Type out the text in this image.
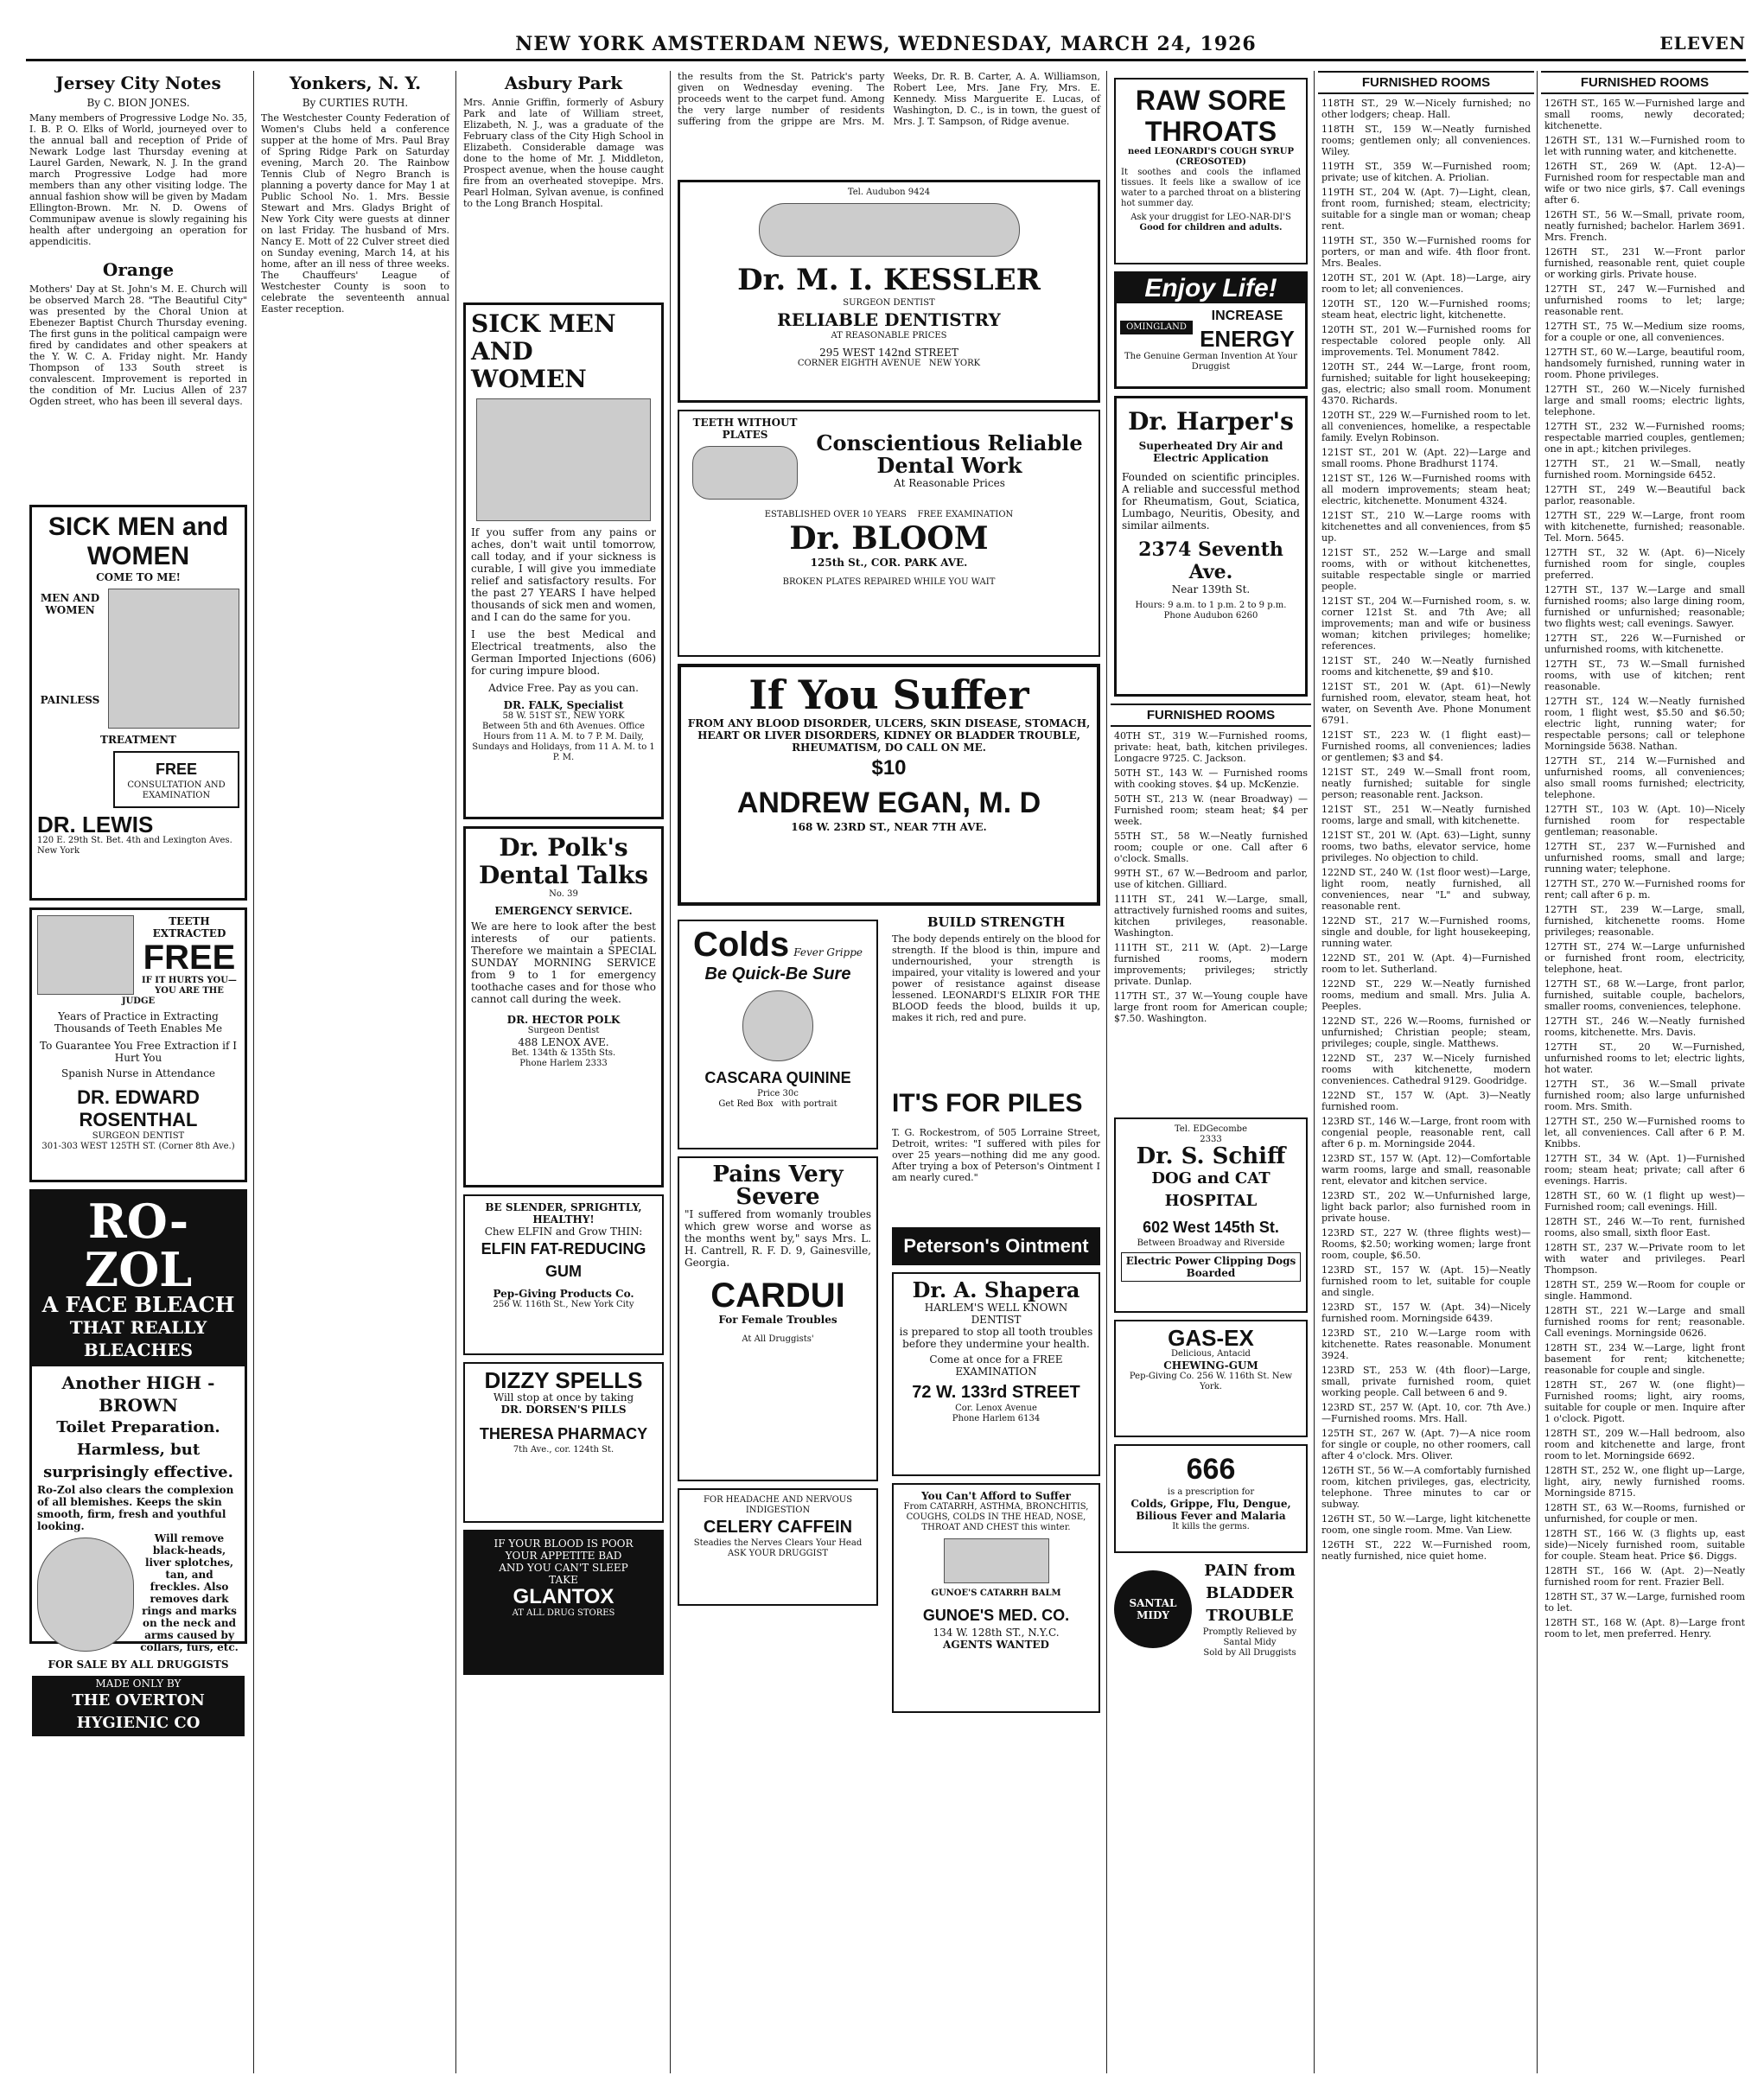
NEW YORK AMSTERDAM NEWS, WEDNESDAY, MARCH 24, 1926	ELEVEN
Jersey City Notes
By C. BION JONES.

Many members of Progressive Lodge No. 35, I. B. P. O. Elks of World, journeyed over to the annual ball and reception of Pride of Newark Lodge last Thursday evening at Laurel Garden, Newark, N. J. In the grand march Progressive Lodge had more members than any other visiting lodge. The annual fashion show will be given by Madam Ellington-Brown. Mr. N. D. Owens of Communipaw avenue is slowly regaining his health after undergoing an operation for appendicitis.

Orange

Mothers' Day at St. John's M. E. Church will be observed March 28. "The Beautiful City" was presented by the Choral Union at Ebenezer Baptist Church Thursday evening. The first guns in the political campaign were fired by candidates and other speakers at the Y. W. C. A. Friday night. Mr. Handy Thompson of 133 South street is convalescent. Improvement is reported in the condition of Mr. Lucius Allen of 237 Ogden street, who has been ill several days.

SICK MEN and WOMEN
COME TO ME!
MEN AND WOMEN
PAINLESS TREATMENT
FREE
CONSULTATION AND EXAMINATION
DR. LEWIS
120 E. 29th St. Bet. 4th and Lexington Aves. New York
TEETH EXTRACTED
FREE
IF IT HURTS YOU— YOU ARE THE JUDGE
Years of Practice in Extracting Thousands of Teeth Enables Me
To Guarantee You Free Extraction if I Hurt You
Spanish Nurse in Attendance
DR. EDWARD ROSENTHAL
SURGEON DENTIST
301-303 WEST 125TH ST. (Corner 8th Ave.)
RO-ZOL
A FACE BLEACH
THAT REALLY BLEACHES
Another HIGH - BROWN
Toilet Preparation.
Harmless, but surprisingly effective.
Ro-Zol also clears the complexion of all blemishes. Keeps the skin smooth, firm, fresh and youthful looking.
Will remove black-heads, liver splotches, tan, and freckles. Also removes dark rings and marks on the neck and arms caused by collars, furs, etc.
FOR SALE BY ALL DRUGGISTS
MADE ONLY BY
THE OVERTON HYGIENIC CO
Yonkers, N. Y.
By CURTIES RUTH.

The Westchester County Federation of Women's Clubs held a conference supper at the home of Mrs. Paul Bray of Spring Ridge Park on Saturday evening, March 20. The Rainbow Tennis Club of Negro Branch is planning a poverty dance for May 1 at Public School No. 1. Mrs. Bessie Stewart and Mrs. Gladys Bright of New York City were guests at dinner on last Friday. The husband of Mrs. Nancy E. Mott of 22 Culver street died on Sunday evening, March 14, at his home, after an ill ness of three weeks. The Chauffeurs' League of Westchester County is soon to celebrate the seventeenth annual Easter reception.

Asbury Park

Mrs. Annie Griffin, formerly of Asbury Park and late of William street, Elizabeth, N. J., was a graduate of the February class of the City High School in Elizabeth. Considerable damage was done to the home of Mr. J. Middleton, Prospect avenue, when the house caught fire from an overheated stovepipe. Mrs. Pearl Holman, Sylvan avenue, is confined to the Long Branch Hospital.

SICK MEN AND WOMEN
If you suffer from any pains or aches, don't wait until tomorrow, call today, and if your sickness is curable, I will give you immediate relief and satisfactory results. For the past 27 YEARS I have helped thousands of sick men and women, and I can do the same for you.
I use the best Medical and Electrical treatments, also the German Imported Injections (606) for curing impure blood.
Advice Free. Pay as you can.
DR. FALK, Specialist
58 W. 51ST ST., NEW YORK
Between 5th and 6th Avenues. Office Hours from 11 A. M. to 7 P. M. Daily, Sundays and Holidays, from 11 A. M. to 1 P. M.
Dr. Polk's Dental Talks
No. 39
EMERGENCY SERVICE.
We are here to look after the best interests of our patients. Therefore we maintain a SPECIAL SUNDAY MORNING SERVICE from 9 to 1 for emergency toothache cases and for those who cannot call during the week.
DR. HECTOR POLK
Surgeon Dentist
488 LENOX AVE.
Bet. 134th & 135th Sts.
Phone Harlem 2333
BE SLENDER, SPRIGHTLY, HEALTHY!
Chew ELFIN and Grow THIN:
ELFIN FAT-REDUCING GUM
Pep-Giving Products Co.
256 W. 116th St., New York City
DIZZY SPELLS
Will stop at once by taking
DR. DORSEN'S PILLS
THERESA PHARMACY
7th Ave., cor. 124th St.
IF YOUR BLOOD IS POOR
YOUR APPETITE BAD
AND YOU CAN'T SLEEP
TAKE
GLANTOX
AT ALL DRUG STORES

the results from the St. Patrick's party given on Wednesday evening. The proceeds went to the carpet fund. Among the very large number of residents suffering from the grippe are Mrs. M. Weeks, Dr. R. B. Carter, A. A. Williamson, Robert Lee, Mrs. Jane Fry, Mrs. E. Kennedy. Miss Marguerite E. Lucas, of Washington, D. C., is in town, the guest of Mrs. J. T. Sampson, of Ridge avenue.

Tel. Audubon 9424
Dr. M. I. KESSLER
SURGEON DENTIST
RELIABLE DENTISTRY
AT REASONABLE PRICES
295 WEST 142nd STREET
CORNER EIGHTH AVENUE NEW YORK
TEETH WITHOUT PLATES	Conscientious Reliable Dental Work
At Reasonable Prices
ESTABLISHED OVER 10 YEARS FREE EXAMINATION
Dr. BLOOM
125th St., COR. PARK AVE.
BROKEN PLATES REPAIRED WHILE YOU WAIT
If You Suffer
FROM ANY BLOOD DISORDER, ULCERS, SKIN DISEASE, STOMACH, HEART OR LIVER DISORDERS, KIDNEY OR BLADDER TROUBLE, RHEUMATISM, DO CALL ON ME.
$10
ANDREW EGAN, M. D
168 W. 23RD ST., NEAR 7TH AVE.
Colds Fever Grippe
Be Quick-Be Sure
CASCARA QUININE
Price 30c
Get Red Box with portrait
Pains Very Severe
"I suffered from womanly troubles which grew worse and worse as the months went by," says Mrs. L. H. Cantrell, R. F. D. 9, Gainesville, Georgia.
CARDUI
For Female Troubles
At All Druggists'
FOR HEADACHE AND NERVOUS INDIGESTION
CELERY CAFFEIN
Steadies the Nerves Clears Your Head
ASK YOUR DRUGGIST
BUILD STRENGTH

The body depends entirely on the blood for strength. If the blood is thin, impure and undernourished, your strength is impaired, your vitality is lowered and your power of resistance against disease lessened. LEONARDI'S ELIXIR FOR THE BLOOD feeds the blood, builds it up, makes it rich, red and pure.

IT'S FOR PILES

T. G. Rockestrom, of 505 Lorraine Street, Detroit, writes: "I suffered with piles for over 25 years—nothing did me any good. After trying a box of Peterson's Ointment I am nearly cured."

Peterson's Ointment
Dr. A. Shapera
HARLEM'S WELL KNOWN DENTIST
is prepared to stop all tooth troubles before they undermine your health.
Come at once for a FREE EXAMINATION
72 W. 133rd STREET
Cor. Lenox Avenue
Phone Harlem 6134
You Can't Afford to Suffer
From CATARRH, ASTHMA, BRONCHITIS, COUGHS, COLDS IN THE HEAD, NOSE, THROAT AND CHEST this winter.
GUNOE'S CATARRH BALM
GUNOE'S MED. CO.
134 W. 128th ST., N.Y.C.
AGENTS WANTED
RAW SORE THROATS
need LEONARDI'S COUGH SYRUP (CREOSOTED)
It soothes and cools the inflamed tissues. It feels like a swallow of ice water to a parched throat on a blistering hot summer day.
Ask your druggist for LEO-NAR-DI'S
Good for children and adults.
Enjoy Life!
OMINGLAND
INCREASE
ENERGY
The Genuine German Invention At Your Druggist
Dr. Harper's
Superheated Dry Air and Electric Application
Founded on scientific principles. A reliable and successful method for Rheumatism, Gout, Sciatica, Lumbago, Neuritis, Obesity, and similar ailments.
2374 Seventh Ave.
Near 139th St.
Hours: 9 a.m. to 1 p.m. 2 to 9 p.m.
Phone Audubon 6260
FURNISHED ROOMS
40TH ST., 319 W.—Furnished rooms, private: heat, bath, kitchen privileges. Longacre 9725. C. Jackson.
50TH ST., 143 W. — Furnished rooms with cooking stoves. $4 up. McKenzie.
50TH ST., 213 W. (near Broadway) — Furnished room; steam heat; $4 per week.
55TH ST., 58 W.—Neatly furnished room; couple or one. Call after 6 o'clock. Smalls.
99TH ST., 67 W.—Bedroom and parlor, use of kitchen. Gilliard.
111TH ST., 241 W.—Large, small, attractively furnished rooms and suites, kitchen privileges, reasonable. Washington.
111TH ST., 211 W. (Apt. 2)—Large furnished rooms, modern improvements; privileges; strictly private. Dunlap.
117TH ST., 37 W.—Young couple have large front room for American couple; $7.50. Washington.
Tel. EDGecombe
2333
Dr. S. Schiff
DOG and CAT HOSPITAL
602 West 145th St.
Between Broadway and Riverside
Electric Power Clipping Dogs Boarded
GAS-EX
Delicious, Antacid
CHEWING-GUM
Pep-Giving Co. 256 W. 116th St. New York.
666
is a prescription for
Colds, Grippe, Flu, Dengue, Bilious Fever and Malaria
It kills the germs.
SANTAL MIDY
PAIN from BLADDER TROUBLE
Promptly Relieved by Santal Midy
Sold by All Druggists
FURNISHED ROOMS
118TH ST., 29 W.—Nicely furnished; no other lodgers; cheap. Hall.
118TH ST., 159 W.—Neatly furnished rooms; gentlemen only; all conveniences. Wiley.
119TH ST., 359 W.—Furnished room; private; use of kitchen. A. Priolian.
119TH ST., 204 W. (Apt. 7)—Light, clean, front room, furnished; steam, electricity; suitable for a single man or woman; cheap rent.
119TH ST., 350 W.—Furnished rooms for porters, or man and wife. 4th floor front. Mrs. Beales.
120TH ST., 201 W. (Apt. 18)—Large, airy room to let; all conveniences.
120TH ST., 120 W.—Furnished rooms; steam heat, electric light, kitchenette.
120TH ST., 201 W.—Furnished rooms for respectable colored people only. All improvements. Tel. Monument 7842.
120TH ST., 244 W.—Large, front room, furnished; suitable for light housekeeping; gas, electric; also small room. Monument 4370. Richards.
120TH ST., 229 W.—Furnished room to let. all conveniences, homelike, a respectable family. Evelyn Robinson.
121ST ST., 201 W. (Apt. 22)—Large and small rooms. Phone Bradhurst 1174.
121ST ST., 126 W.—Furnished rooms with all modern improvements; steam heat; electric, kitchenette. Monument 4324.
121ST ST., 210 W.—Large rooms with kitchenettes and all conveniences, from $5 up.
121ST ST., 252 W.—Large and small rooms, with or without kitchenettes, suitable respectable single or married people.
121ST ST., 204 W.—Furnished room, s. w. corner 121st St. and 7th Ave; all improvements; man and wife or business woman; kitchen privileges; homelike; references.
121ST ST., 240 W.—Neatly furnished rooms and kitchenette, $9 and $10.
121ST ST., 201 W. (Apt. 61)—Newly furnished room, elevator, steam heat, hot water, on Seventh Ave. Phone Monument 6791.
121ST ST., 223 W. (1 flight east)—Furnished rooms, all conveniences; ladies or gentlemen; $3 and $4.
121ST ST., 249 W.—Small front room, neatly furnished; suitable for single person; reasonable rent. Jackson.
121ST ST., 251 W.—Neatly furnished rooms, large and small, with kitchenette.
121ST ST., 201 W. (Apt. 63)—Light, sunny rooms, two baths, elevator service, home privileges. No objection to child.
122ND ST., 240 W. (1st floor west)—Large, light room, neatly furnished, all conveniences, near "L" and subway, reasonable rent.
122ND ST., 217 W.—Furnished rooms, single and double, for light housekeeping, running water.
122ND ST., 201 W. (Apt. 4)—Furnished room to let. Sutherland.
122ND ST., 229 W.—Neatly furnished rooms, medium and small. Mrs. Julia A. Peeples.
122ND ST., 226 W.—Rooms, furnished or unfurnished; Christian people; steam, privileges; couple, single. Matthews.
122ND ST., 237 W.—Nicely furnished rooms with kitchenette, modern conveniences. Cathedral 9129. Goodridge.
122ND ST., 157 W. (Apt. 3)—Neatly furnished room.
123RD ST., 146 W.—Large, front room with congenial people, reasonable rent, call after 6 p. m. Morningside 2044.
123RD ST., 157 W. (Apt. 12)—Comfortable warm rooms, large and small, reasonable rent, elevator and kitchen service.
123RD ST., 202 W.—Unfurnished large, light back parlor; also furnished room in private house.
123RD ST., 227 W. (three flights west)—Rooms, $2.50; working women; large front room, couple, $6.50.
123RD ST., 157 W. (Apt. 15)—Neatly furnished room to let, suitable for couple and single.
123RD ST., 157 W. (Apt. 34)—Nicely furnished room. Morningside 6439.
123RD ST., 210 W.—Large room with kitchenette. Rates reasonable. Monument 3924.
123RD ST., 253 W. (4th floor)—Large, small, private furnished room, quiet working people. Call between 6 and 9.
123RD ST., 257 W. (Apt. 10, cor. 7th Ave.)—Furnished rooms. Mrs. Hall.
125TH ST., 267 W. (Apt. 7)—A nice room for single or couple, no other roomers, call after 4 o'clock. Mrs. Oliver.
126TH ST., 56 W.—A comfortably furnished room, kitchen privileges, gas, electricity, telephone. Three minutes to car or subway.
126TH ST., 50 W.—Large, light kitchenette room, one single room. Mme. Van Liew.
126TH ST., 222 W.—Furnished room, neatly furnished, nice quiet home.
FURNISHED ROOMS
126TH ST., 165 W.—Furnished large and small rooms, newly decorated; kitchenette.
126TH ST., 131 W.—Furnished room to let with running water, and kitchenette.
126TH ST., 269 W. (Apt. 12-A)—Furnished room for respectable man and wife or two nice girls, $7. Call evenings after 6.
126TH ST., 56 W.—Small, private room, neatly furnished; bachelor. Harlem 3691. Mrs. French.
126TH ST., 231 W.—Front parlor furnished, reasonable rent, quiet couple or working girls. Private house.
127TH ST., 247 W.—Furnished and unfurnished rooms to let; large; reasonable rent.
127TH ST., 75 W.—Medium size rooms, for a couple or one, all conveniences.
127TH ST., 60 W.—Large, beautiful room, handsomely furnished, running water in room. Phone privileges.
127TH ST., 260 W.—Nicely furnished large and small rooms; electric lights, telephone.
127TH ST., 232 W.—Furnished rooms; respectable married couples, gentlemen; one in apt.; kitchen privileges.
127TH ST., 21 W.—Small, neatly furnished room. Morningside 6452.
127TH ST., 249 W.—Beautiful back parlor, reasonable.
127TH ST., 229 W.—Large, front room with kitchenette, furnished; reasonable. Tel. Morn. 5645.
127TH ST., 32 W. (Apt. 6)—Nicely furnished room for single, couples preferred.
127TH ST., 137 W.—Large and small furnished rooms; also large dining room, furnished or unfurnished; reasonable; two flights west; call evenings. Sawyer.
127TH ST., 226 W.—Furnished or unfurnished rooms, with kitchenette.
127TH ST., 73 W.—Small furnished rooms, with use of kitchen; rent reasonable.
127TH ST., 124 W.—Neatly furnished room, 1 flight west, $5.50 and $6.50; electric light, running water; for respectable persons; call or telephone Morningside 5638. Nathan.
127TH ST., 214 W.—Furnished and unfurnished rooms, all conveniences; also small rooms furnished; electricity, telephone.
127TH ST., 103 W. (Apt. 10)—Nicely furnished room for respectable gentleman; reasonable.
127TH ST., 237 W.—Furnished and unfurnished rooms, small and large; running water; telephone.
127TH ST., 270 W.—Furnished rooms for rent; call after 6 p. m.
127TH ST., 239 W.—Large, small, furnished, kitchenette rooms. Home privileges; reasonable.
127TH ST., 274 W.—Large unfurnished or furnished front room, electricity, telephone, heat.
127TH ST., 68 W.—Large, front parlor, furnished, suitable couple, bachelors, smaller rooms, conveniences, telephone.
127TH ST., 246 W.—Neatly furnished rooms, kitchenette. Mrs. Davis.
127TH ST., 20 W.—Furnished, unfurnished rooms to let; electric lights, hot water.
127TH ST., 36 W.—Small private furnished room; also large unfurnished room. Mrs. Smith.
127TH ST., 250 W.—Furnished rooms to let, all conveniences. Call after 6 P. M. Knibbs.
127TH ST., 34 W. (Apt. 1)—Furnished room; steam heat; private; call after 6 evenings. Harris.
128TH ST., 60 W. (1 flight up west)—Furnished room; call evenings. Hill.
128TH ST., 246 W.—To rent, furnished rooms, also small, sixth floor East.
128TH ST., 237 W.—Private room to let with water and privileges. Pearl Thompson.
128TH ST., 259 W.—Room for couple or single. Hammond.
128TH ST., 221 W.—Large and small furnished rooms for rent; reasonable. Call evenings. Morningside 0626.
128TH ST., 234 W.—Large, light front basement for rent; kitchenette; reasonable for couple and single.
128TH ST., 267 W. (one flight)—Furnished rooms; light, airy rooms, suitable for couple or men. Inquire after 1 o'clock. Pigott.
128TH ST., 209 W.—Hall bedroom, also room and kitchenette and large, front room to let. Morningside 6692.
128TH ST., 252 W., one flight up—Large, light, airy, newly furnished rooms. Morningside 8715.
128TH ST., 63 W.—Rooms, furnished or unfurnished, for couple or men.
128TH ST., 166 W. (3 flights up, east side)—Nicely furnished room, suitable for couple. Steam heat. Price $6. Diggs.
128TH ST., 166 W. (Apt. 2)—Neatly furnished room for rent. Frazier Bell.
128TH ST., 37 W.—Large, furnished room to let.
128TH ST., 168 W. (Apt. 8)—Large front room to let, men preferred. Henry.
